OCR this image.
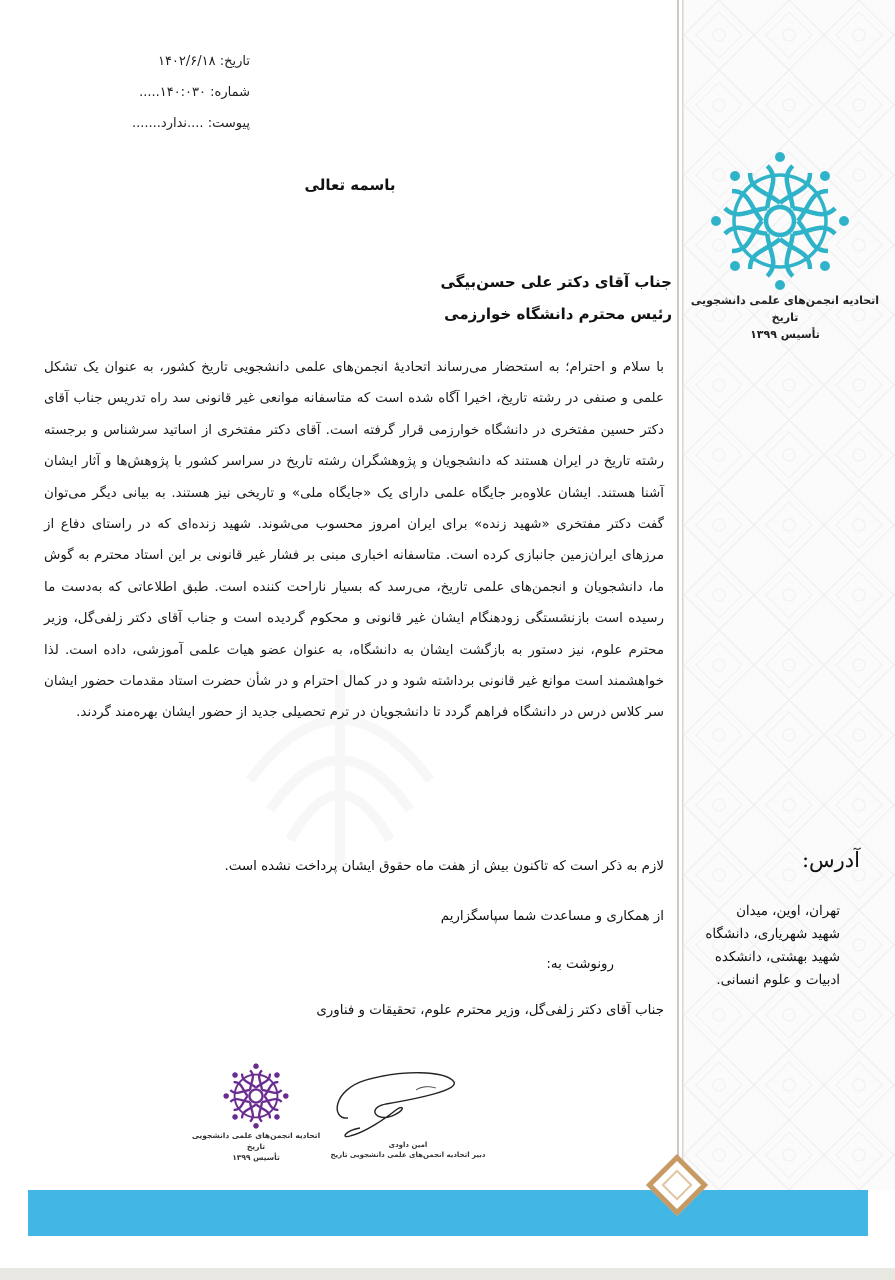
تاریخ: ۱۴۰۲/۶/۱۸
شماره: ۱۴۰:۰۳۰.....
پیوست: ....ندارد.......
باسمه تعالی
اتحادیه انجمن‌های علمی دانشجویی تاریخ
تأسیس ۱۳۹۹
جناب آقای دکتر علی حسن‌بیگی
رئیس محترم دانشگاه خوارزمی
با سلام و احترام؛ به استحضار می‌رساند اتحادیهٔ انجمن‌های علمی دانشجویی تاریخ کشور، به عنوان یک تشکل علمی و صنفی در رشته تاریخ، اخیرا آگاه شده است که متاسفانه موانعی غیر قانونی سد راه تدریس جناب آقای دکتر حسین مفتخری در دانشگاه خوارزمی قرار گرفته است. آقای دکتر مفتخری از اساتید سرشناس و برجسته رشته تاریخ در ایران هستند که دانشجویان و پژوهشگران رشته تاریخ در سراسر کشور با پژوهش‌ها و آثار ایشان آشنا هستند. ایشان علاوه‌بر جایگاه علمی دارای یک «جایگاه ملی» و تاریخی نیز هستند. به بیانی دیگر می‌توان گفت دکتر مفتخری «شهید زنده» برای ایران امروز محسوب می‌شوند. شهید زنده‌ای که در راستای دفاع از مرزهای ایران‌زمین جانبازی کرده است. متاسفانه اخباری مبنی بر فشار غیر قانونی بر این استاد محترم به گوش ما، دانشجویان و انجمن‌های علمی تاریخ، می‌رسد که بسیار ناراحت کننده است. طبق اطلاعاتی که به‌دست ما رسیده است بازنشستگی زودهنگام ایشان غیر قانونی و محکوم گردیده است و جناب آقای دکتر زلفی‌گل، وزیر محترم علوم، نیز دستور به بازگشت ایشان به دانشگاه، به عنوان عضو هیات علمی آموزشی، داده است. لذا خواهشمند است موانع غیر قانونی برداشته شود و در کمال احترام و در شأن حضرت استاد مقدمات حضور ایشان سر کلاس درس در دانشگاه فراهم گردد تا دانشجویان در ترم تحصیلی جدید از حضور ایشان بهره‌مند گردند.
لازم به ذکر است که تاکنون بیش از هفت ماه حقوق ایشان پرداخت نشده است.
از همکاری و مساعدت شما سپاسگزاریم
رونوشت به:
جناب آقای دکتر زلفی‌گل، وزیر محترم علوم، تحقیقات و فناوری
آدرس:
تهران، اوین، میدان
شهید شهریاری، دانشگاه
شهید بهشتی، دانشکده
ادبیات و علوم انسانی.
اتحادیه انجمن‌های علمی دانشجویی تاریخ
تأسیس ۱۳۹۹
امین داودی
دبیر اتحادیه انجمن‌های علمی دانشجویی تاریخ
